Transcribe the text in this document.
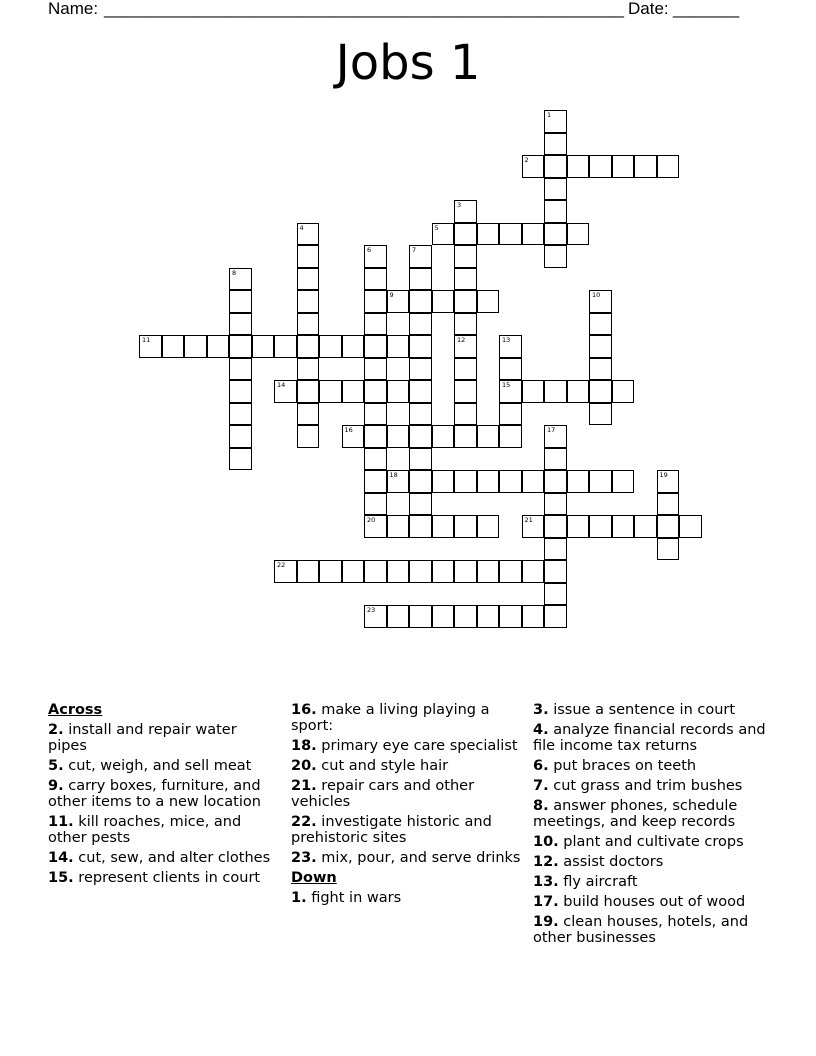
Name: _______________________________________________________ Date: _______
Jobs 1
1
2
3
4	5
6	7
8
9	10
11	12	13
15
14
16	17
18	19
20	21
22
23
Across
2. install and repair water pipes
5. cut, weigh, and sell meat
9. carry boxes, furniture, and other items to a new location
11. kill roaches, mice, and other pests
14. cut, sew, and alter clothes
15. represent clients in court
16. make a living playing a sport:
18. primary eye care specialist
20. cut and style hair
21. repair cars and other vehicles
22. investigate historic and prehistoric sites
23. mix, pour, and serve drinks
Down
1. fight in wars
3. issue a sentence in court
4. analyze financial records and file income tax returns
6. put braces on teeth
7. cut grass and trim bushes
8. answer phones, schedule meetings, and keep records
10. plant and cultivate crops
12. assist doctors
13. fly aircraft
17. build houses out of wood
19. clean houses, hotels, and other businesses
